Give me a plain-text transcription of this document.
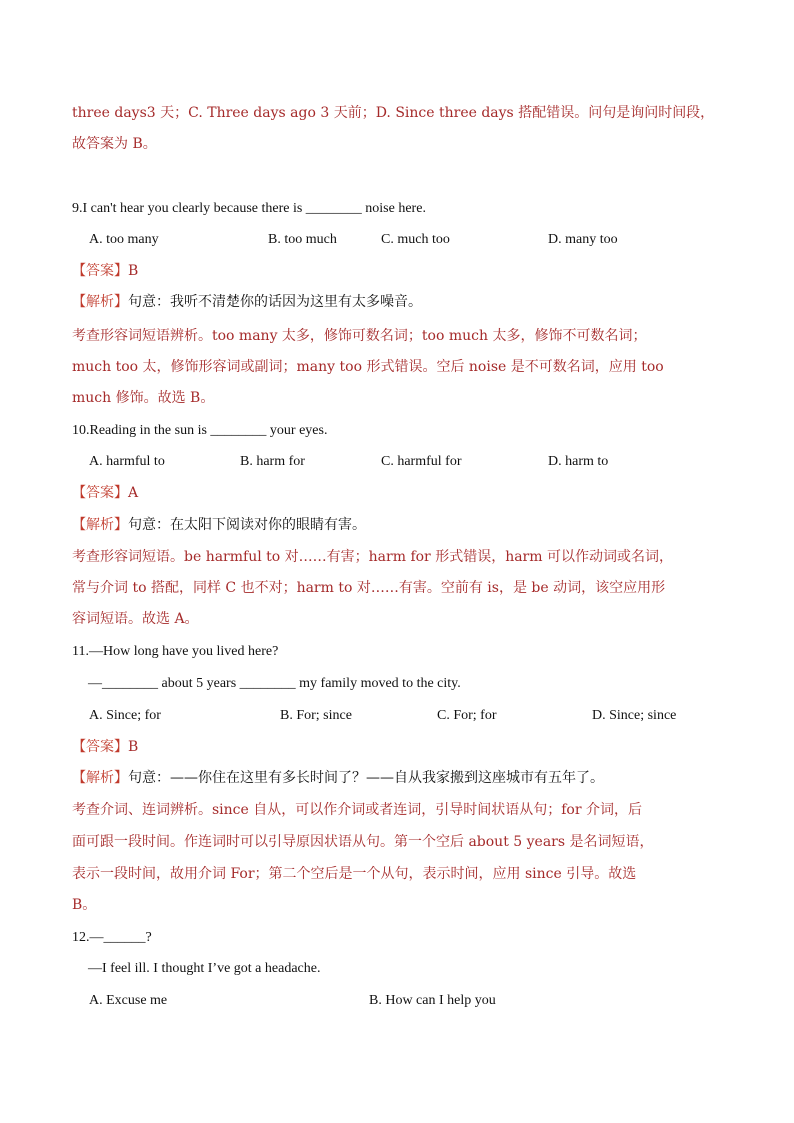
three days3 天；C. Three days ago 3 天前；D. Since three days 搭配错误。问句是询问时间段，
故答案为 B。
9.I can't hear you clearly because there is ________ noise here.
A. too many	B. too much	C. much too	D. many too
【答案】B
【解析】句意：我听不清楚你的话因为这里有太多噪音。
考查形容词短语辨析。too many 太多，修饰可数名词；too much 太多，修饰不可数名词；
much too 太，修饰形容词或副词；many too 形式错误。空后 noise 是不可数名词，应用 too
much 修饰。故选 B。
10.Reading in the sun is ________ your eyes.
A. harmful to	B. harm for	C. harmful for	D. harm to
【答案】A
【解析】句意：在太阳下阅读对你的眼睛有害。
考查形容词短语。be harmful to 对……有害；harm for 形式错误，harm 可以作动词或名词，
常与介词 to 搭配，同样 C 也不对；harm to 对……有害。空前有 is，是 be 动词，该空应用形
容词短语。故选 A。
11.—How long have you lived here?
—________ about 5 years ________ my family moved to the city.
A. Since; for	B. For; since	C. For; for	D. Since; since
【答案】B
【解析】句意：——你住在这里有多长时间了？——自从我家搬到这座城市有五年了。
考查介词、连词辨析。since 自从，可以作介词或者连词，引导时间状语从句；for 介词，后
面可跟一段时间。作连词时可以引导原因状语从句。第一个空后 about 5 years 是名词短语，
表示一段时间，故用介词 For；第二个空后是一个从句，表示时间，应用 since 引导。故选
B。
12.—______?
—I feel ill. I thought I’ve got a headache.
A. Excuse me	B. How can I help you
